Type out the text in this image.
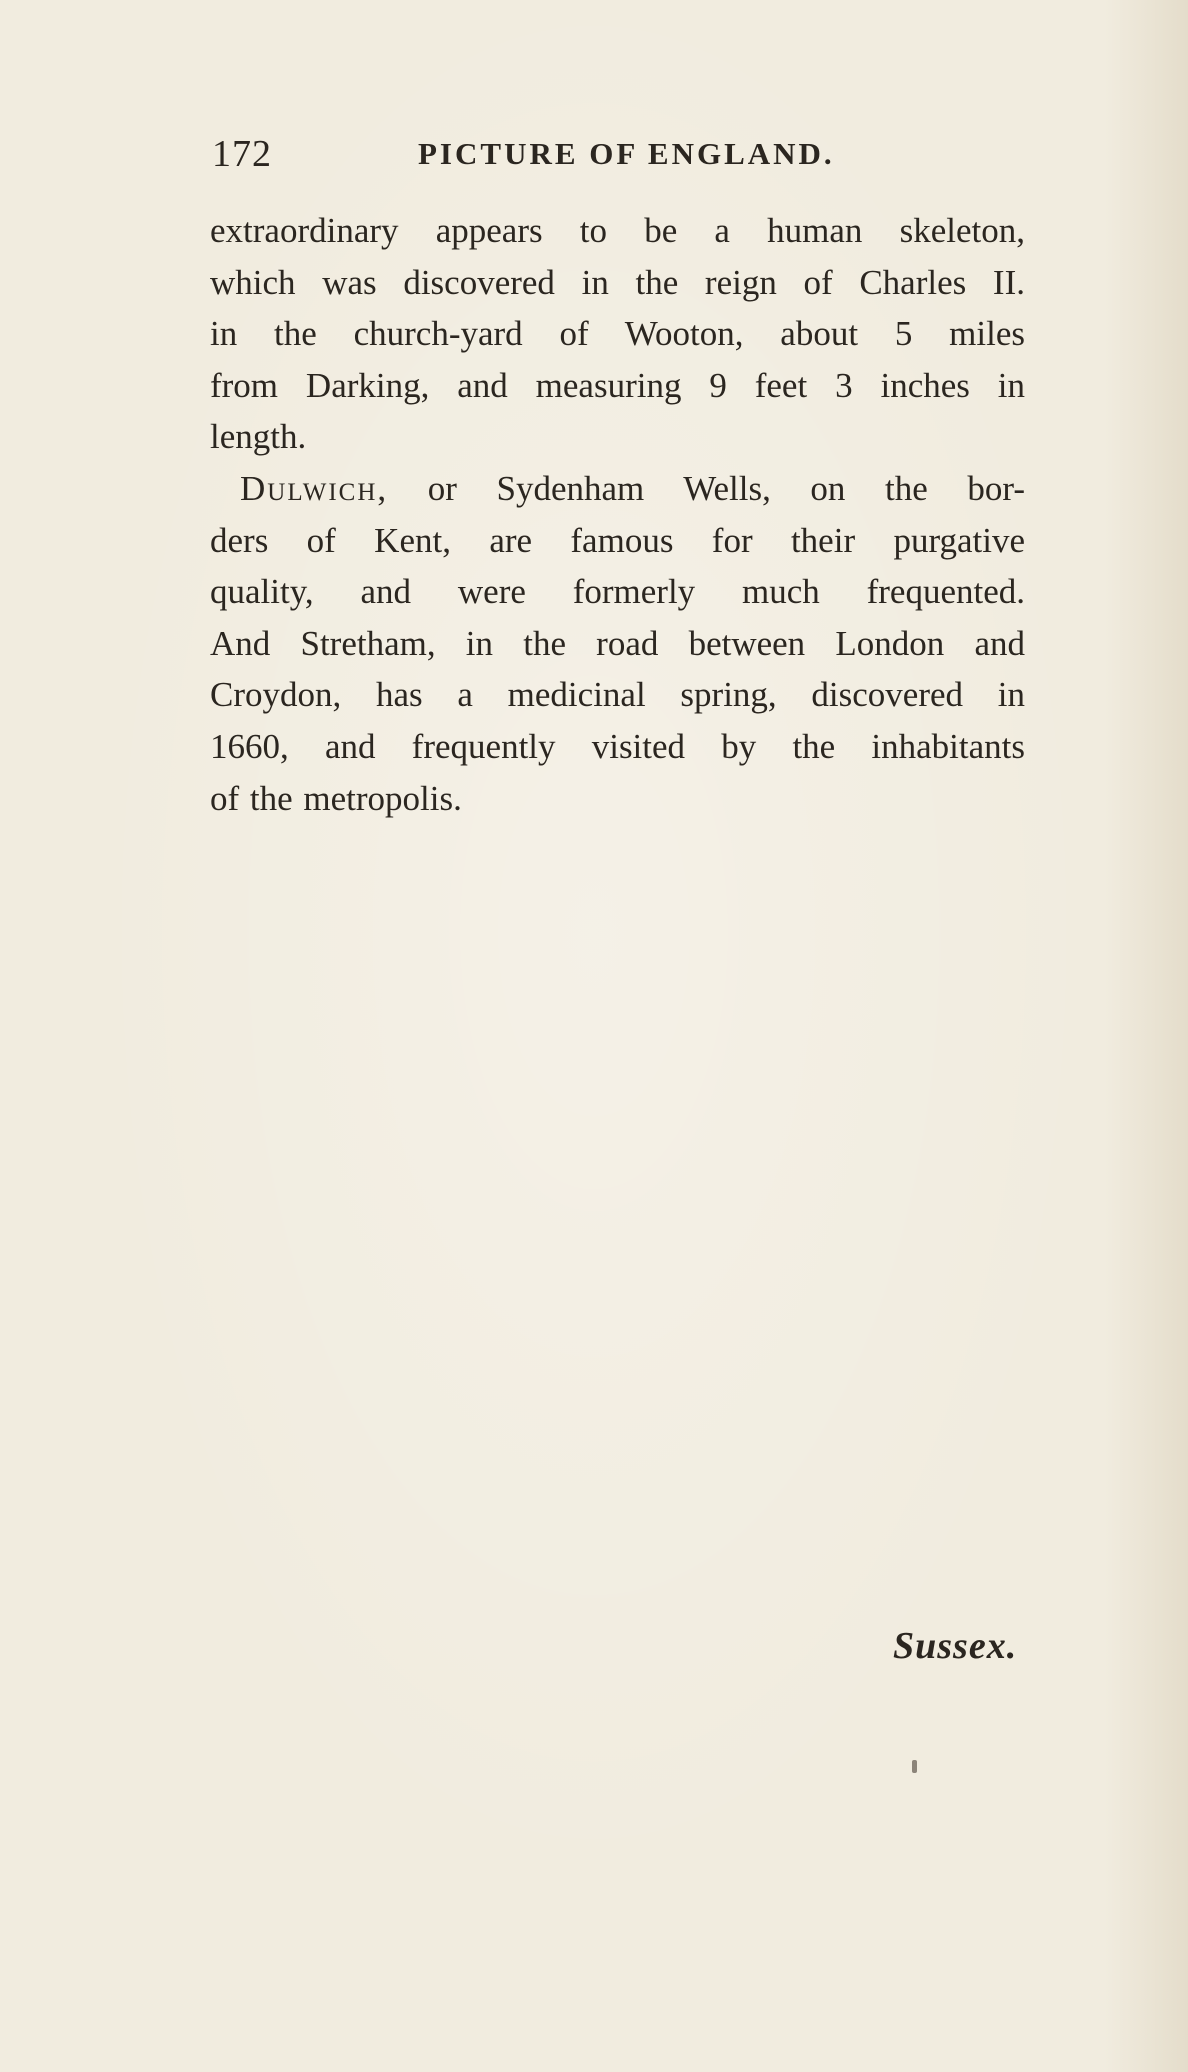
172	PICTURE OF ENGLAND.
extraordinary appears to be a human skeleton,
which was discovered in the reign of Charles II.
in the church-yard of Wooton, about 5 miles
from Darking, and measuring 9 feet 3 inches in
length.
Dulwich, or Sydenham Wells, on the bor-
ders of Kent, are famous for their purgative
quality, and were formerly much frequented.
And Stretham, in the road between London and
Croydon, has a medicinal spring, discovered in
1660, and frequently visited by the inhabitants
of the metropolis.
Sussex.
